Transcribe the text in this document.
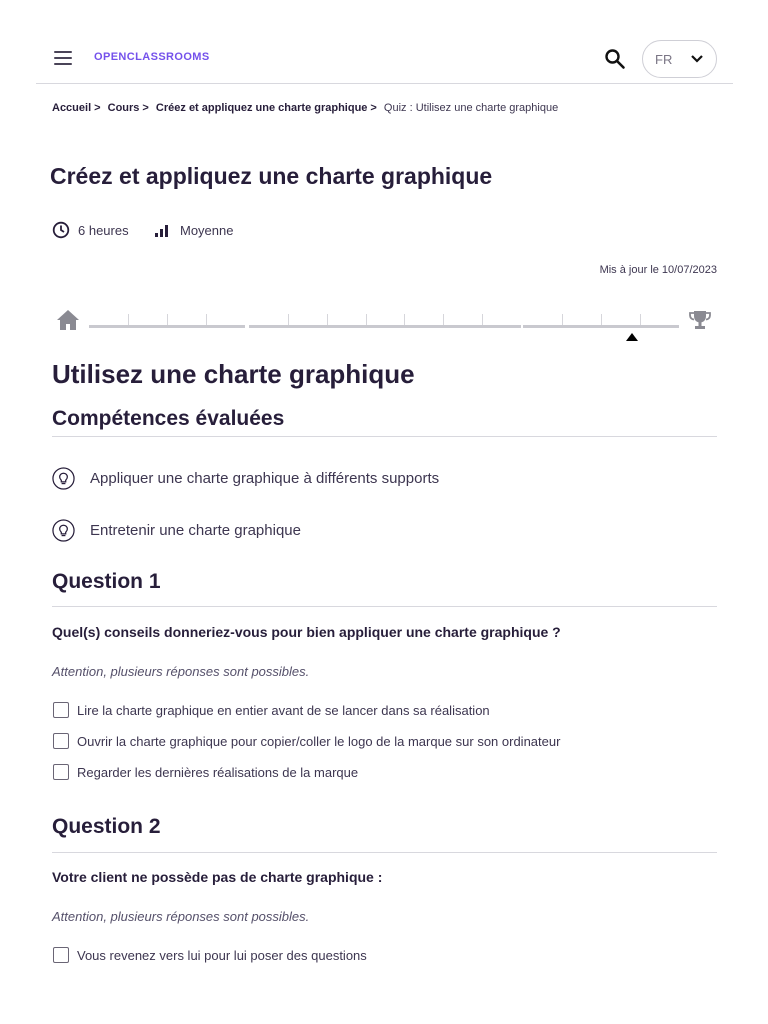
OPENCLASSROOMS	FR
Accueil > Cours > Créez et appliquez une charte graphique > Quiz : Utilisez une charte graphique
Créez et appliquez une charte graphique
6 heures	Moyenne
Mis à jour le 10/07/2023
Utilisez une charte graphique
Compétences évaluées
Appliquer une charte graphique à différents supports
Entretenir une charte graphique
Question 1

Quel(s) conseils donneriez-vous pour bien appliquer une charte graphique ?

Attention, plusieurs réponses sont possibles.

Lire la charte graphique en entier avant de se lancer dans sa réalisation
Ouvrir la charte graphique pour copier/coller le logo de la marque sur son ordinateur
Regarder les dernières réalisations de la marque
Question 2

Votre client ne possède pas de charte graphique :

Attention, plusieurs réponses sont possibles.

Vous revenez vers lui pour lui poser des questions
